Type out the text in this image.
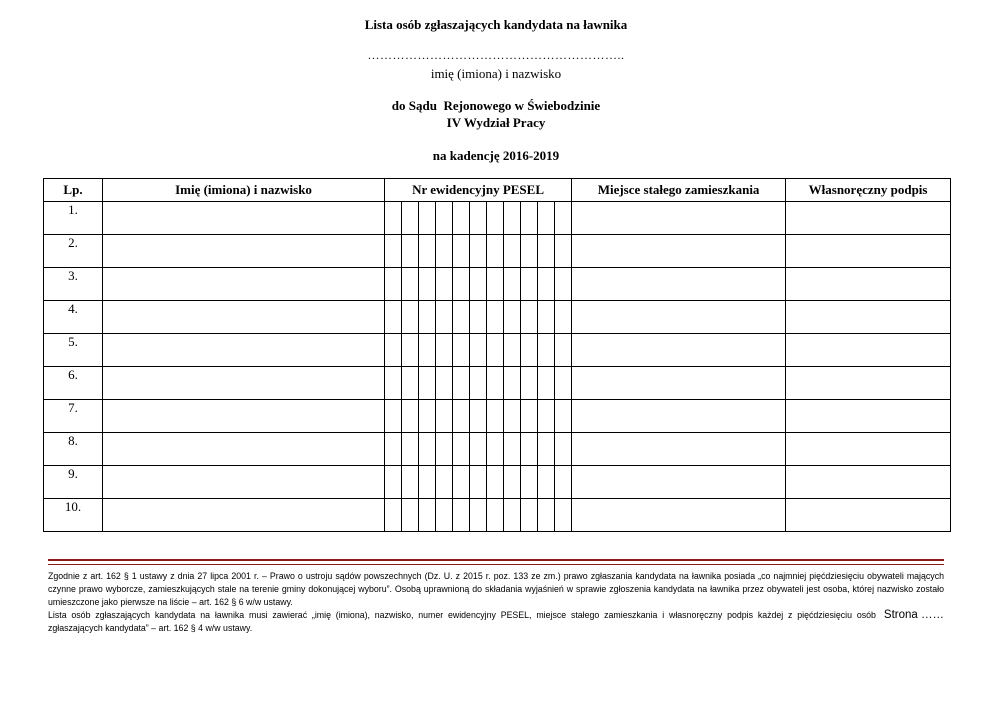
Lista osób zgłaszających kandydata na ławnika
……………………………………………………..
imię (imiona) i nazwisko
do Sądu  Rejonowego w Świebodzinie
IV Wydział Pracy
na kadencję 2016-2019
Lp.	Imię (imiona) i nazwisko	Nr ewidencyjny PESEL											Miejsce stałego zamieszkania	Własnoręczny podpis
1.														
2.														
3.														
4.														
5.														
6.														
7.														
8.														
9.														
10.														

Zgodnie z art. 162 § 1 ustawy z dnia 27 lipca 2001 r. – Prawo o ustroju sądów powszechnych (Dz. U. z 2015 r. poz. 133 ze zm.) prawo zgłaszania kandydata na ławnika posiada „co najmniej pięćdziesięciu obywateli mających czynne prawo wyborcze, zamieszkujących stale na terenie gminy dokonującej wyboru”. Osobą uprawnioną do składania wyjaśnień w sprawie zgłoszenia kandydata na ławnika przez obywateli jest osoba, której nazwisko zostało umieszczone jako pierwsze na liście – art. 162 § 6 w/w ustawy.

Lista osób zgłaszających kandydata na ławnika musi zawierać „imię (imiona), nazwisko, numer ewidencyjny PESEL, miejsce stałego zamieszkania i własnoręczny podpis każdej z pięćdziesięciu osób zgłaszających kandydata” – art. 162 § 4 w/w ustawy.

Strona ……
